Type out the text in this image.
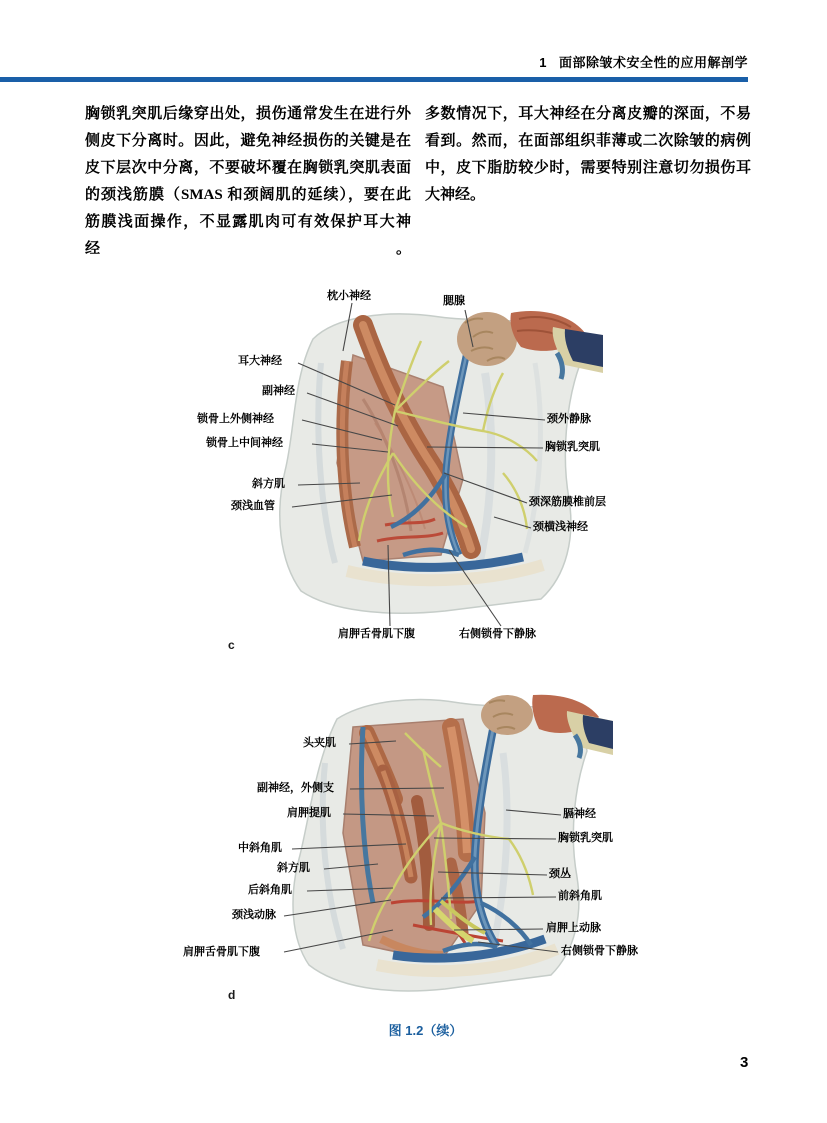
1 面部除皱术安全性的应用解剖学
胸锁乳突肌后缘穿出处，损伤通常发生在进行外
侧皮下分离时。因此，避免神经损伤的关键是在
皮下层次中分离，不要破坏覆在胸锁乳突肌表面
的颈浅筋膜（SMAS 和颈阔肌的延续），要在此
筋膜浅面操作，不显露肌肉可有效保护耳大神经。
多数情况下，耳大神经在分离皮瓣的深面，不易
看到。然而，在面部组织菲薄或二次除皱的病例
中，皮下脂肪较少时，需要特别注意切勿损伤耳
大神经。
c
枕小神经	腮腺
耳大神经
副神经
锁骨上外侧神经
锁骨上中间神经
斜方肌
颈浅血管
颈外静脉
胸锁乳突肌
颈深筋膜椎前层
颈横浅神经
肩胛舌骨肌下腹	右侧锁骨下静脉
d
头夹肌
副神经，外侧支
肩胛提肌
中斜角肌
斜方肌
后斜角肌
颈浅动脉
肩胛舌骨肌下腹
膈神经
胸锁乳突肌
颈丛
前斜角肌
肩胛上动脉
右侧锁骨下静脉
图 1.2（续）
3
